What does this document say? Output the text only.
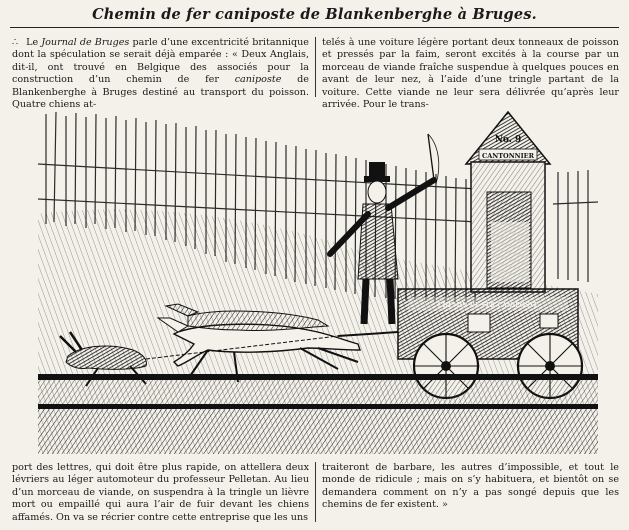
Chemin de fer caniposte de Blankenberghe à Bruges.
∴ Le Journal de Bruges parle d’une excentricité britannique dont la spéculation se serait déjà emparée : « Deux Anglais, dit-il, ont trouvé en Belgique des associés pour la construction d’un chemin de fer caniposte de Blankenberghe à Bruges destiné au transport du poisson. Quatre chiens at-
telés à une voiture légère portant deux tonneaux de poisson et pressés par la faim, seront excités à la course par un morceau de viande fraîche suspendue à quelques pouces en avant de leur nez, à l’aide d’une tringle partant de la voiture. Cette viande ne leur sera délivrée qu’après leur arrivée. Pour le trans-
No. 9
CANTONNIER
CHEMIN DE FER CANIPOSTE
port des lettres, qui doit être plus rapide, on attellera deux lévriers au léger automoteur du professeur Pelletan. Au lieu d’un morceau de viande, on suspendra à la tringle un lièvre mort ou empaillé qui aura l’air de fuir devant les chiens affamés. On va se récrier contre cette entreprise que les uns
traiteront de barbare, les autres d’impossible, et tout le monde de ridicule ; mais on s’y habituera, et bientôt on se demandera comment on n’y a pas songé depuis que les chemins de fer existent. »
